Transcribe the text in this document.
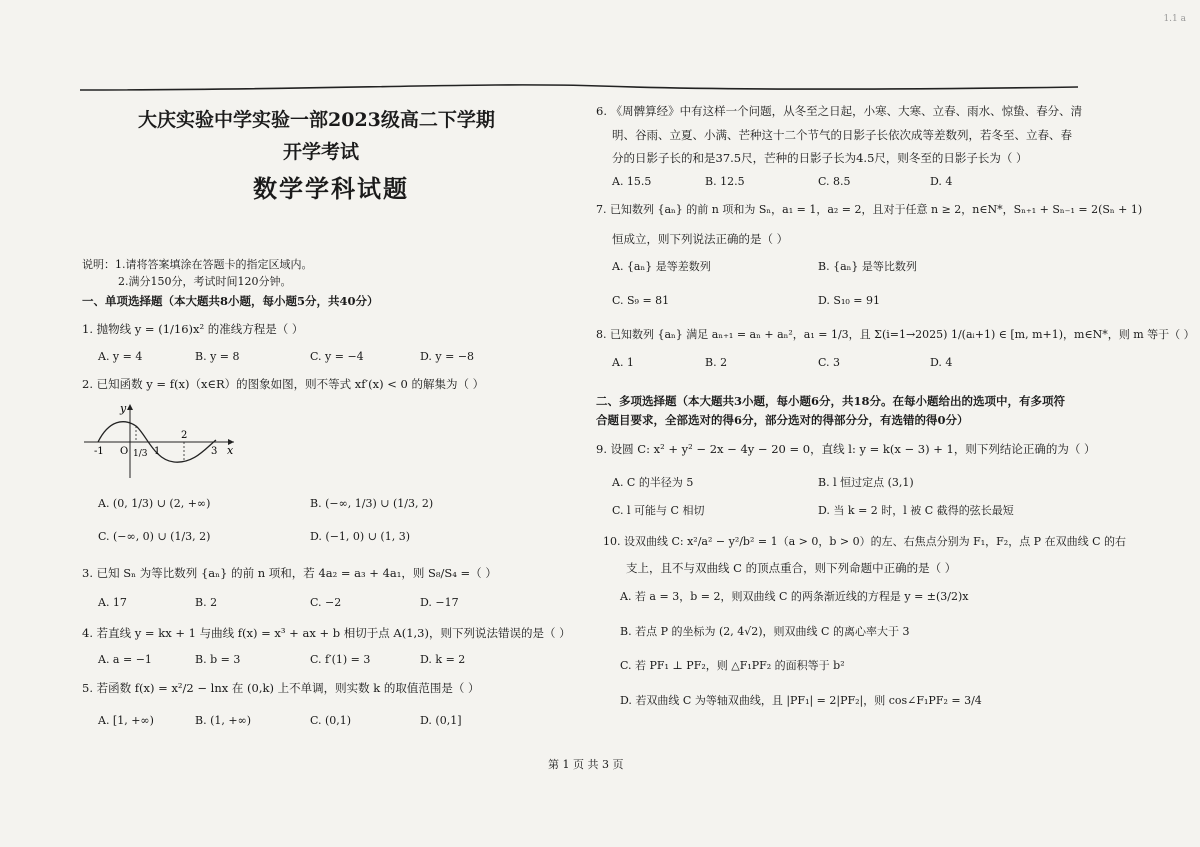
1.1 a
大庆实验中学实验一部2023级高二下学期
开学考试
数学学科试题
说明：1.请将答案填涂在答题卡的指定区域内。
2.满分150分，考试时间120分钟。
一、单项选择题（本大题共8小题，每小题5分，共40分）
1. 抛物线 y = (1/16)x² 的准线方程是（ ）
A. y = 4	B. y = 8	C. y = −4	D. y = −8
2. 已知函数 y = f(x)（x∈R）的图象如图，则不等式 xf′(x) < 0 的解集为（ ）
y
x
O
-1	1/3 1
2
3
A. (0, 1/3) ∪ (2, +∞)	B. (−∞, 1/3) ∪ (1/3, 2)
C. (−∞, 0) ∪ (1/3, 2)	D. (−1, 0) ∪ (1, 3)
3. 已知 Sₙ 为等比数列 {aₙ} 的前 n 项和，若 4a₂ = a₃ + 4a₁，则 S₈/S₄ =（ ）
A. 17	B. 2	C. −2	D. −17
4. 若直线 y = kx + 1 与曲线 f(x) = x³ + ax + b 相切于点 A(1,3)，则下列说法错误的是（ ）
A. a = −1	B. b = 3	C. f′(1) = 3	D. k = 2
5. 若函数 f(x) = x²/2 − lnx 在 (0,k) 上不单调，则实数 k 的取值范围是（ ）
A. [1, +∞)	B. (1, +∞)	C. (0,1)	D. (0,1]
6. 《周髀算经》中有这样一个问题，从冬至之日起，小寒、大寒、立春、雨水、惊蛰、春分、清
明、谷雨、立夏、小满、芒种这十二个节气的日影子长依次成等差数列，若冬至、立春、春
分的日影子长的和是37.5尺，芒种的日影子长为4.5尺，则冬至的日影子长为（ ）
A. 15.5	B. 12.5	C. 8.5	D. 4
7. 已知数列 {aₙ} 的前 n 项和为 Sₙ，a₁ = 1，a₂ = 2，且对于任意 n ≥ 2，n∈N*，Sₙ₊₁ + Sₙ₋₁ = 2(Sₙ + 1)
恒成立，则下列说法正确的是（ ）
A. {aₙ} 是等差数列	B. {aₙ} 是等比数列
C. S₉ = 81	D. S₁₀ = 91
8. 已知数列 {aₙ} 满足 aₙ₊₁ = aₙ + aₙ²，a₁ = 1/3，且 Σ(i=1→2025) 1/(aᵢ+1) ∈ [m, m+1)，m∈N*，则 m 等于（ ）
A. 1	B. 2	C. 3	D. 4
二、多项选择题（本大题共3小题，每小题6分，共18分。在每小题给出的选项中，有多项符
合题目要求，全部选对的得6分，部分选对的得部分分，有选错的得0分）
9. 设圆 C: x² + y² − 2x − 4y − 20 = 0，直线 l: y = k(x − 3) + 1，则下列结论正确的为（ ）
A. C 的半径为 5	B. l 恒过定点 (3,1)
C. l 可能与 C 相切	D. 当 k = 2 时，l 被 C 截得的弦长最短
10. 设双曲线 C: x²/a² − y²/b² = 1（a > 0，b > 0）的左、右焦点分别为 F₁，F₂，点 P 在双曲线 C 的右
支上，且不与双曲线 C 的顶点重合，则下列命题中正确的是（ ）
A. 若 a = 3，b = 2，则双曲线 C 的两条渐近线的方程是 y = ±(3/2)x
B. 若点 P 的坐标为 (2, 4√2)，则双曲线 C 的离心率大于 3
C. 若 PF₁ ⊥ PF₂，则 △F₁PF₂ 的面积等于 b²
D. 若双曲线 C 为等轴双曲线，且 |PF₁| = 2|PF₂|，则 cos∠F₁PF₂ = 3/4
第 1 页 共 3 页
